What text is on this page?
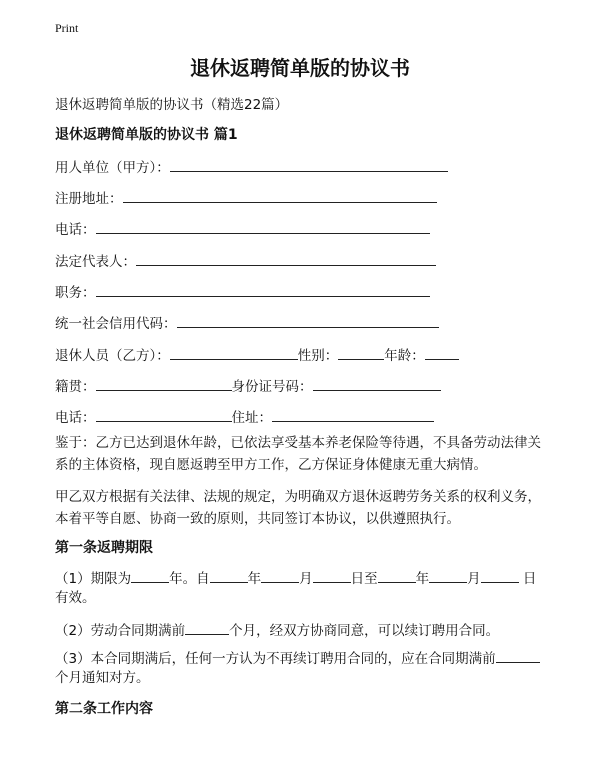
Print
退休返聘简单版的协议书
退休返聘简单版的协议书（精选22篇）
退休返聘简单版的协议书 篇1
用人单位（甲方）：
注册地址：
电话：
法定代表人：
职务：
统一社会信用代码：
退休人员（乙方）：	性别：	年龄：
籍贯：	身份证号码：
电话：	住址：
鉴于：乙方已达到退休年龄，已依法享受基本养老保险等待遇，不具备劳动法律关系的主体资格，现自愿返聘至甲方工作，乙方保证身体健康无重大病情。
甲乙双方根据有关法律、法规的规定，为明确双方退休返聘劳务关系的权利义务，本着平等自愿、协商一致的原则，共同签订本协议，以供遵照执行。
第一条返聘期限
（1）期限为	年。自	年	月	日至	年	月	日有效。
（2）劳动合同期满前	个月，经双方协商同意，可以续订聘用合同。
（3）本合同期满后，任何一方认为不再续订聘用合同的，应在合同期满前 个月通知对方。
第二条工作内容
